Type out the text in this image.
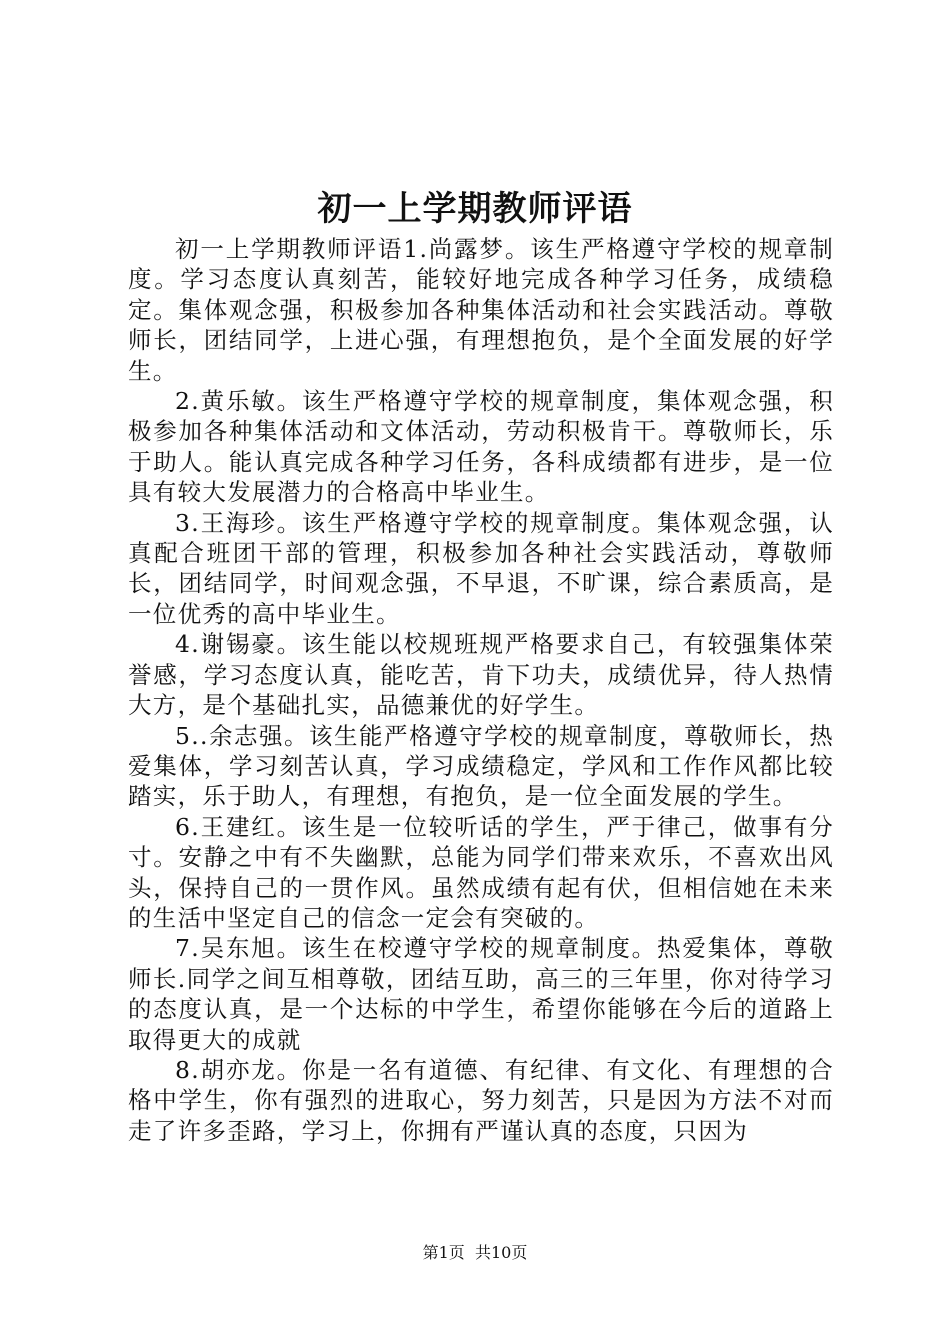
初一上学期教师评语

初一上学期教师评语1.尚露梦。该生严格遵守学校的规章制度。学习态度认真刻苦，能较好地完成各种学习任务，成绩稳定。集体观念强，积极参加各种集体活动和社会实践活动。尊敬师长，团结同学，上进心强，有理想抱负，是个全面发展的好学生。

2.黄乐敏。该生严格遵守学校的规章制度，集体观念强，积极参加各种集体活动和文体活动，劳动积极肯干。尊敬师长，乐于助人。能认真完成各种学习任务，各科成绩都有进步，是一位具有较大发展潜力的合格高中毕业生。

3.王海珍。该生严格遵守学校的规章制度。集体观念强，认真配合班团干部的管理，积极参加各种社会实践活动，尊敬师长，团结同学，时间观念强，不早退，不旷课，综合素质高，是一位优秀的高中毕业生。

4.谢锡豪。该生能以校规班规严格要求自己，有较强集体荣誉感，学习态度认真，能吃苦，肯下功夫，成绩优异，待人热情大方，是个基础扎实，品德兼优的好学生。

5..余志强。该生能严格遵守学校的规章制度，尊敬师长，热爱集体，学习刻苦认真，学习成绩稳定，学风和工作作风都比较踏实，乐于助人，有理想，有抱负，是一位全面发展的学生。

6.王建红。该生是一位较听话的学生，严于律己，做事有分寸。安静之中有不失幽默，总能为同学们带来欢乐，不喜欢出风头，保持自己的一贯作风。虽然成绩有起有伏，但相信她在未来的生活中坚定自己的信念一定会有突破的。

7.吴东旭。该生在校遵守学校的规章制度。热爱集体，尊敬师长.同学之间互相尊敬，团结互助，高三的三年里，你对待学习的态度认真，是一个达标的中学生，希望你能够在今后的道路上取得更大的成就

8.胡亦龙。你是一名有道德、有纪律、有文化、有理想的合格中学生，你有强烈的进取心，努力刻苦，只是因为方法不对而走了许多歪路，学习上，你拥有严谨认真的态度，只因为

第1页 共10页
